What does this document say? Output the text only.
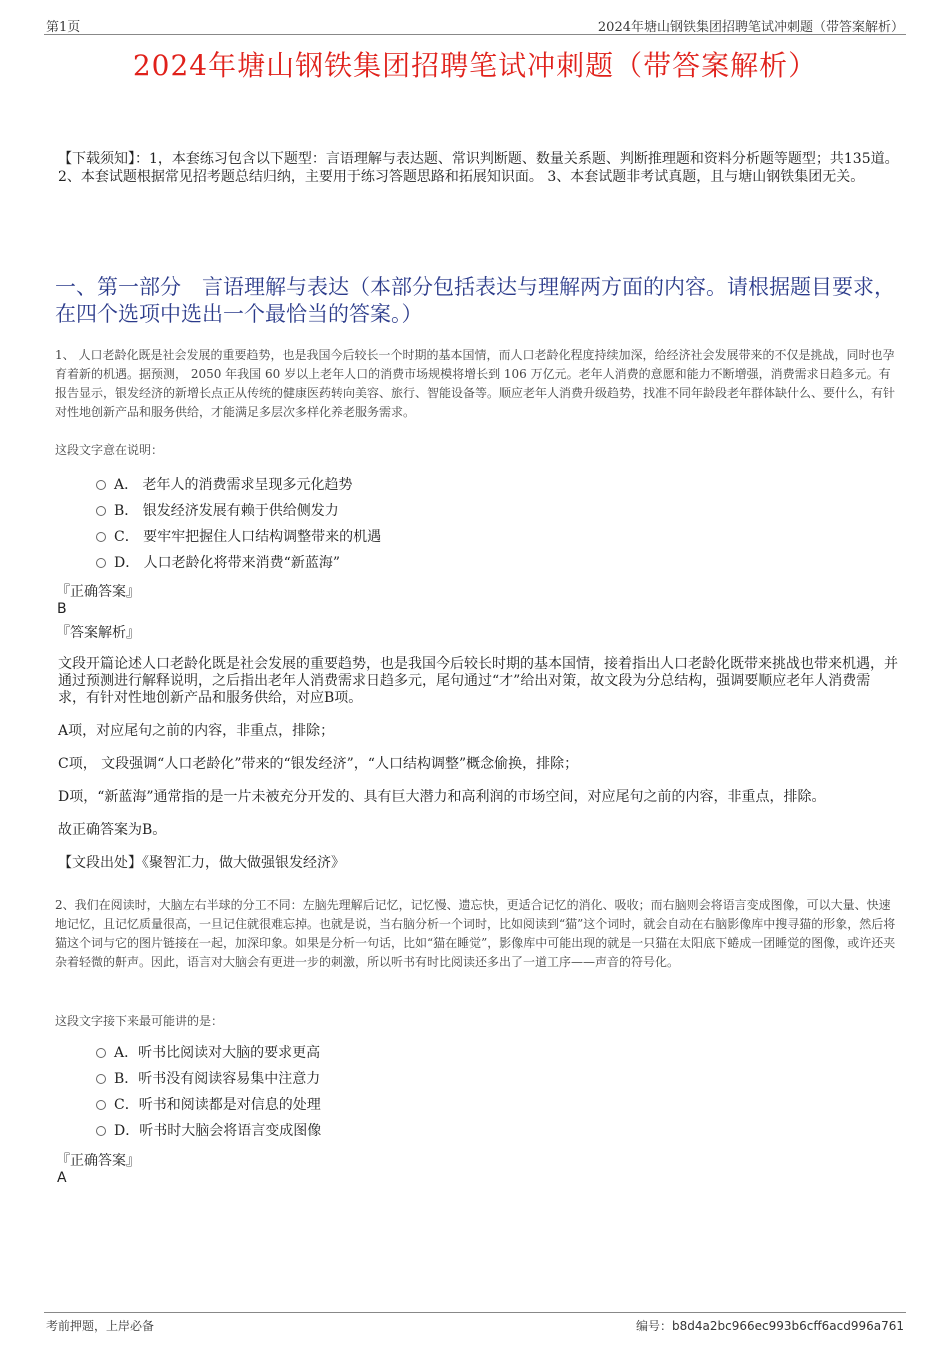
第1页	2024年塘山钢铁集团招聘笔试冲刺题（带答案解析）
2024年塘山钢铁集团招聘笔试冲刺题（带答案解析）
【下载须知】：1，本套练习包含以下题型：言语理解与表达题、常识判断题、数量关系题、判断推理题和资料分析题等题型；共135道。 2、本套试题根据常见招考题总结归纳，主要用于练习答题思路和拓展知识面。 3、本套试题非考试真题，且与塘山钢铁集团无关。
一、第一部分　言语理解与表达（本部分包括表达与理解两方面的内容。请根据题目要求，在四个选项中选出一个最恰当的答案。）
1、 人口老龄化既是社会发展的重要趋势，也是我国今后较长一个时期的基本国情，而人口老龄化程度持续加深，给经济社会发展带来的不仅是挑战，同时也孕育着新的机遇。据预测， 2050 年我国 60 岁以上老年人口的消费市场规模将增长到 106 万亿元。老年人消费的意愿和能力不断增强，消费需求日趋多元。有报告显示，银发经济的新增长点正从传统的健康医药转向美容、旅行、智能设备等。顺应老年人消费升级趋势，找准不同年龄段老年群体缺什么、要什么，有针对性地创新产品和服务供给，才能满足多层次多样化养老服务需求。
这段文字意在说明：
A． 老年人的消费需求呈现多元化趋势
B． 银发经济发展有赖于供给侧发力
C． 要牢牢把握住人口结构调整带来的机遇
D． 人口老龄化将带来消费“新蓝海”
『正确答案』
B
『答案解析』

文段开篇论述人口老龄化既是社会发展的重要趋势，也是我国今后较长时期的基本国情，接着指出人口老龄化既带来挑战也带来机遇，并通过预测进行解释说明，之后指出老年人消费需求日趋多元，尾句通过“才”给出对策，故文段为分总结构，强调要顺应老年人消费需求，有针对性地创新产品和服务供给，对应B项。

A项，对应尾句之前的内容，非重点，排除；

C项， 文段强调“人口老龄化”带来的“银发经济”，“人口结构调整”概念偷换，排除；

D项，“新蓝海”通常指的是一片未被充分开发的、具有巨大潜力和高利润的市场空间，对应尾句之前的内容，非重点，排除。

故正确答案为B。

【文段出处】《聚智汇力，做大做强银发经济》

2、我们在阅读时，大脑左右半球的分工不同：左脑先理解后记忆，记忆慢、遗忘快，更适合记忆的消化、吸收；而右脑则会将语言变成图像，可以大量、快速地记忆，且记忆质量很高，一旦记住就很难忘掉。也就是说，当右脑分析一个词时，比如阅读到“猫”这个词时，就会自动在右脑影像库中搜寻猫的形象，然后将猫这个词与它的图片链接在一起，加深印象。如果是分析一句话，比如“猫在睡觉”，影像库中可能出现的就是一只猫在太阳底下蜷成一团睡觉的图像，或许还夹杂着轻微的鼾声。因此，语言对大脑会有更进一步的刺激，所以听书有时比阅读还多出了一道工序——声音的符号化。
这段文字接下来最可能讲的是：
A．听书比阅读对大脑的要求更高
B．听书没有阅读容易集中注意力
C．听书和阅读都是对信息的处理
D．听书时大脑会将语言变成图像
『正确答案』
A
考前押题，上岸必备	编号：b8d4a2bc966ec993b6cff6acd996a761
